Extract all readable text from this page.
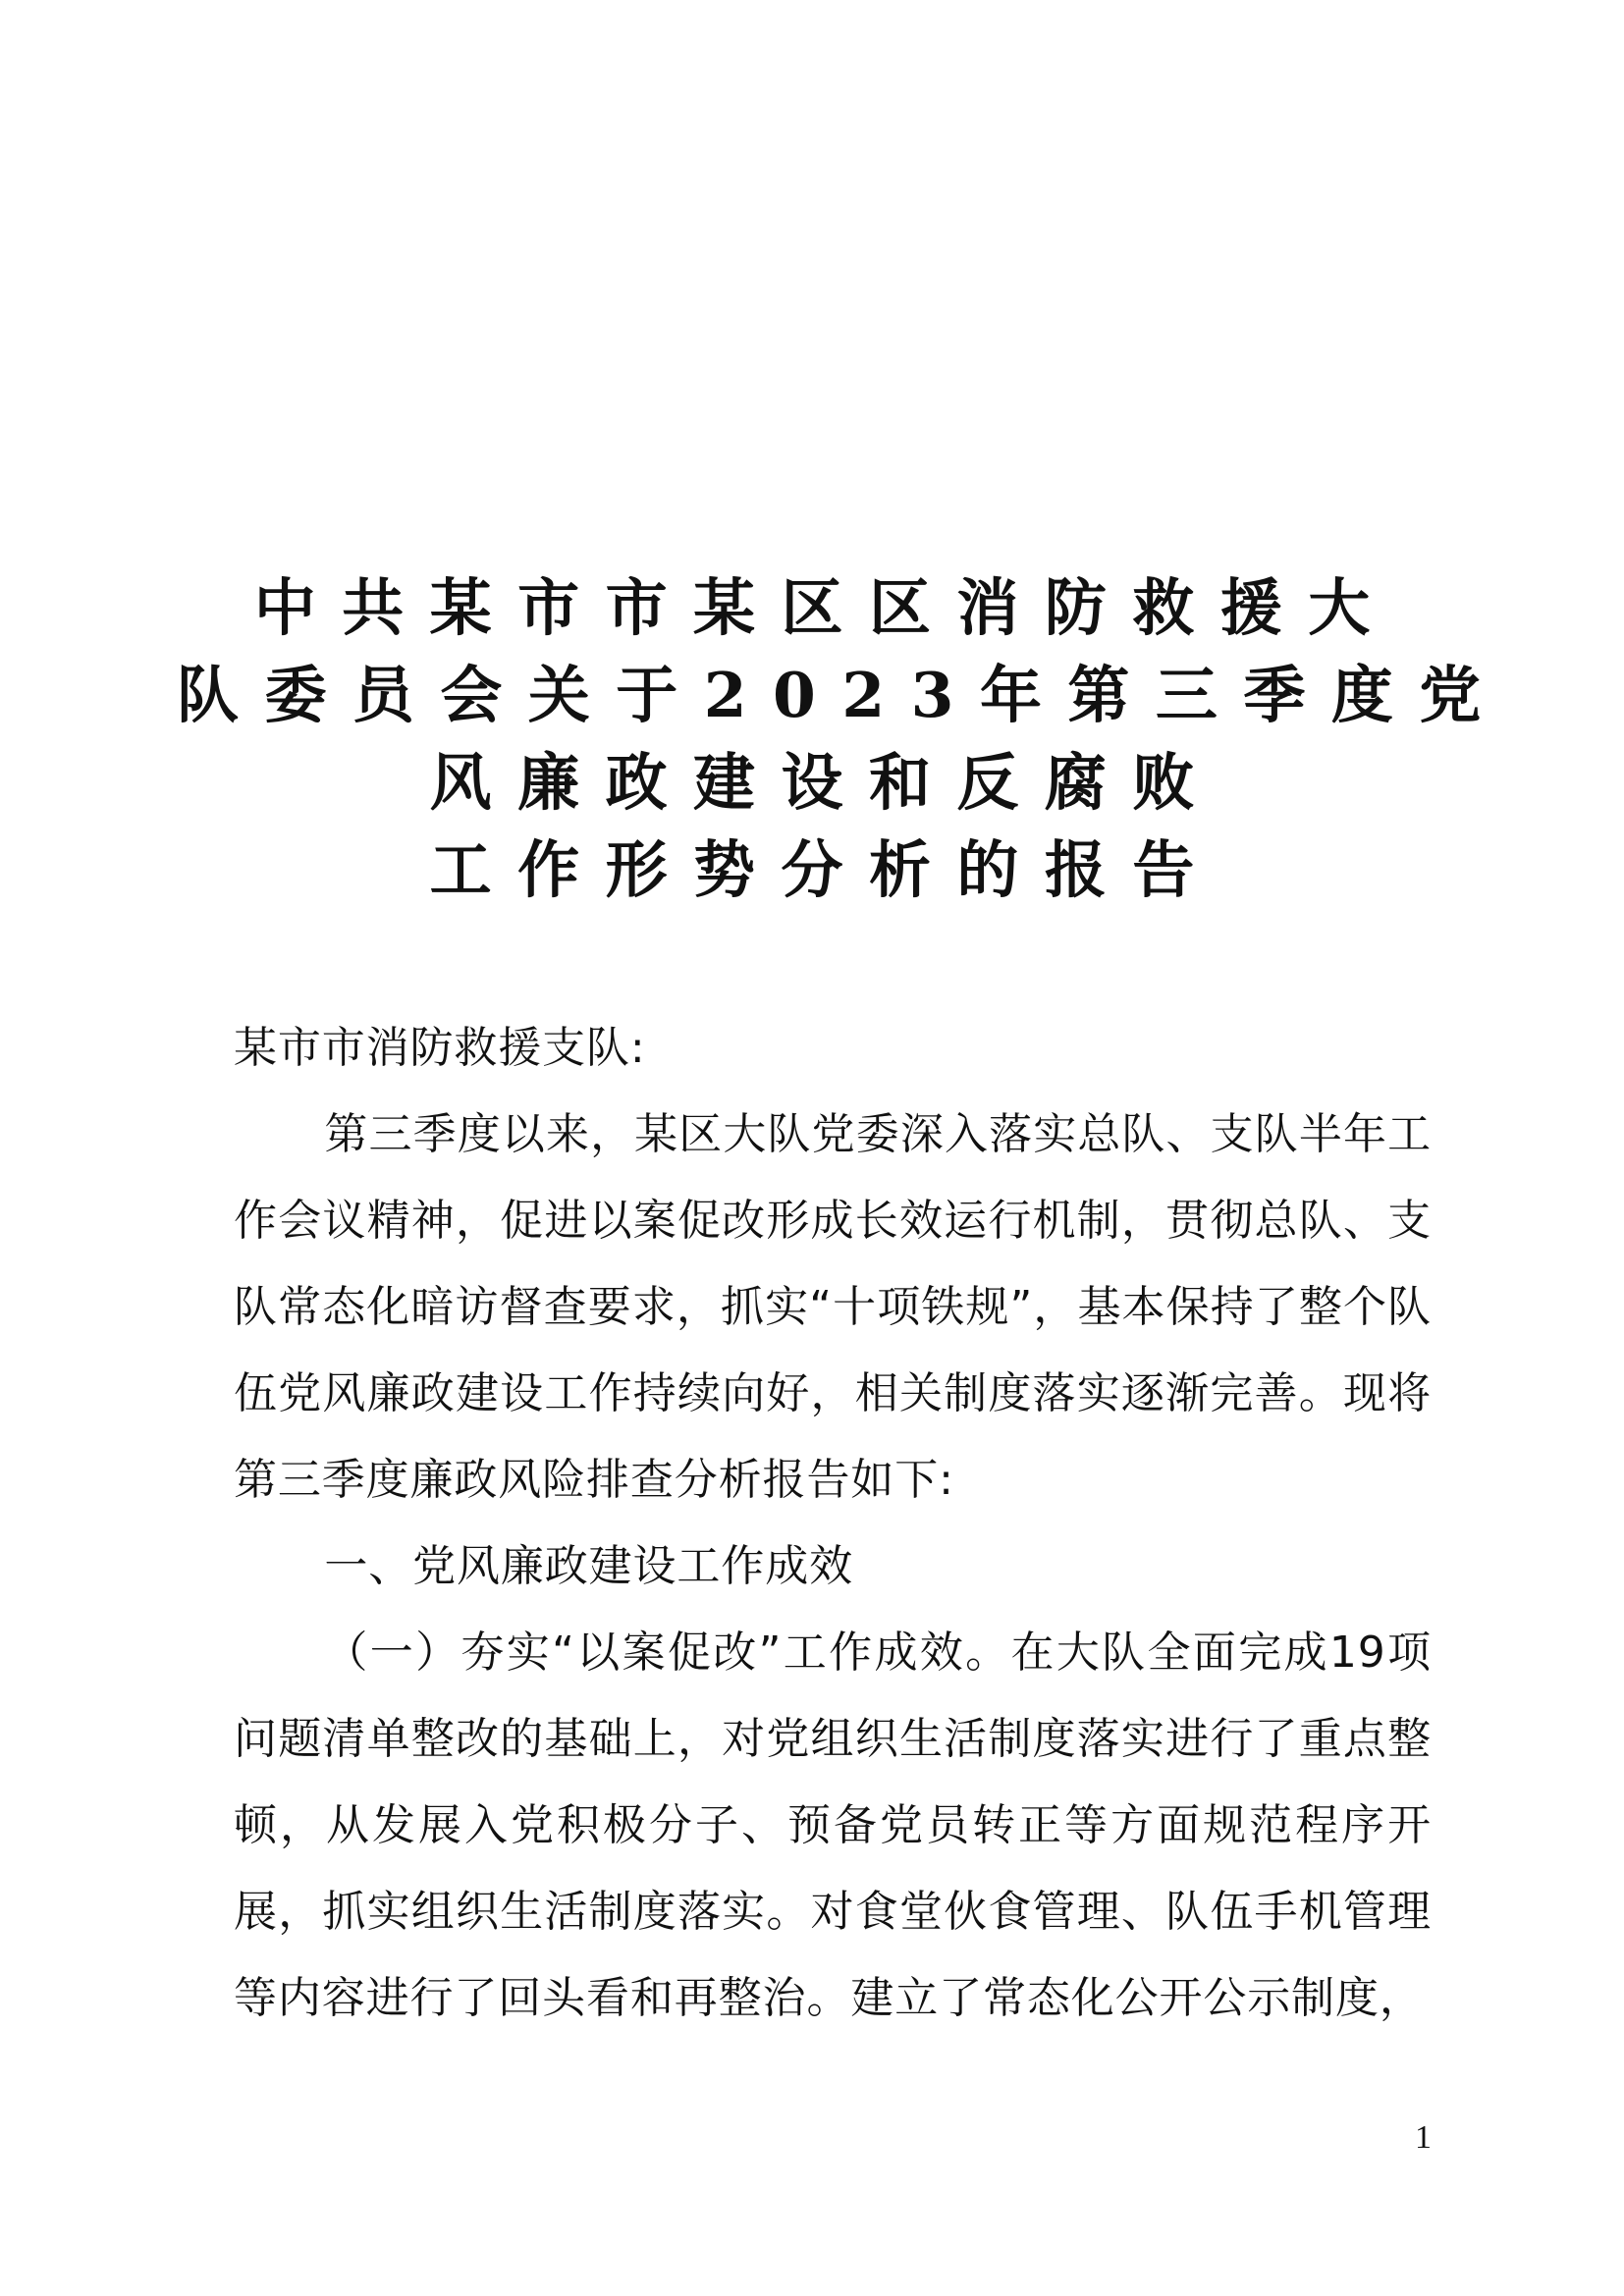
中共某市市某区区消防救援大
队委员会关于2023年第三季度党
风廉政建设和反腐败
工作形势分析的报告
某市市消防救援支队:

第三季度以来，某区大队党委深入落实总队、支队半年工作会议精神，促进以案促改形成长效运行机制，贯彻总队、支队常态化暗访督查要求，抓实“十项铁规”，基本保持了整个队伍党风廉政建设工作持续向好，相关制度落实逐渐完善。现将第三季度廉政风险排查分析报告如下:

一、党风廉政建设工作成效

（一）夯实“以案促改”工作成效。在大队全面完成19项问题清单整改的基础上，对党组织生活制度落实进行了重点整顿，从发展入党积极分子、预备党员转正等方面规范程序开展，抓实组织生活制度落实。对食堂伙食管理、队伍手机管理等内容进行了回头看和再整治。建立了常态化公开公示制度，

1
